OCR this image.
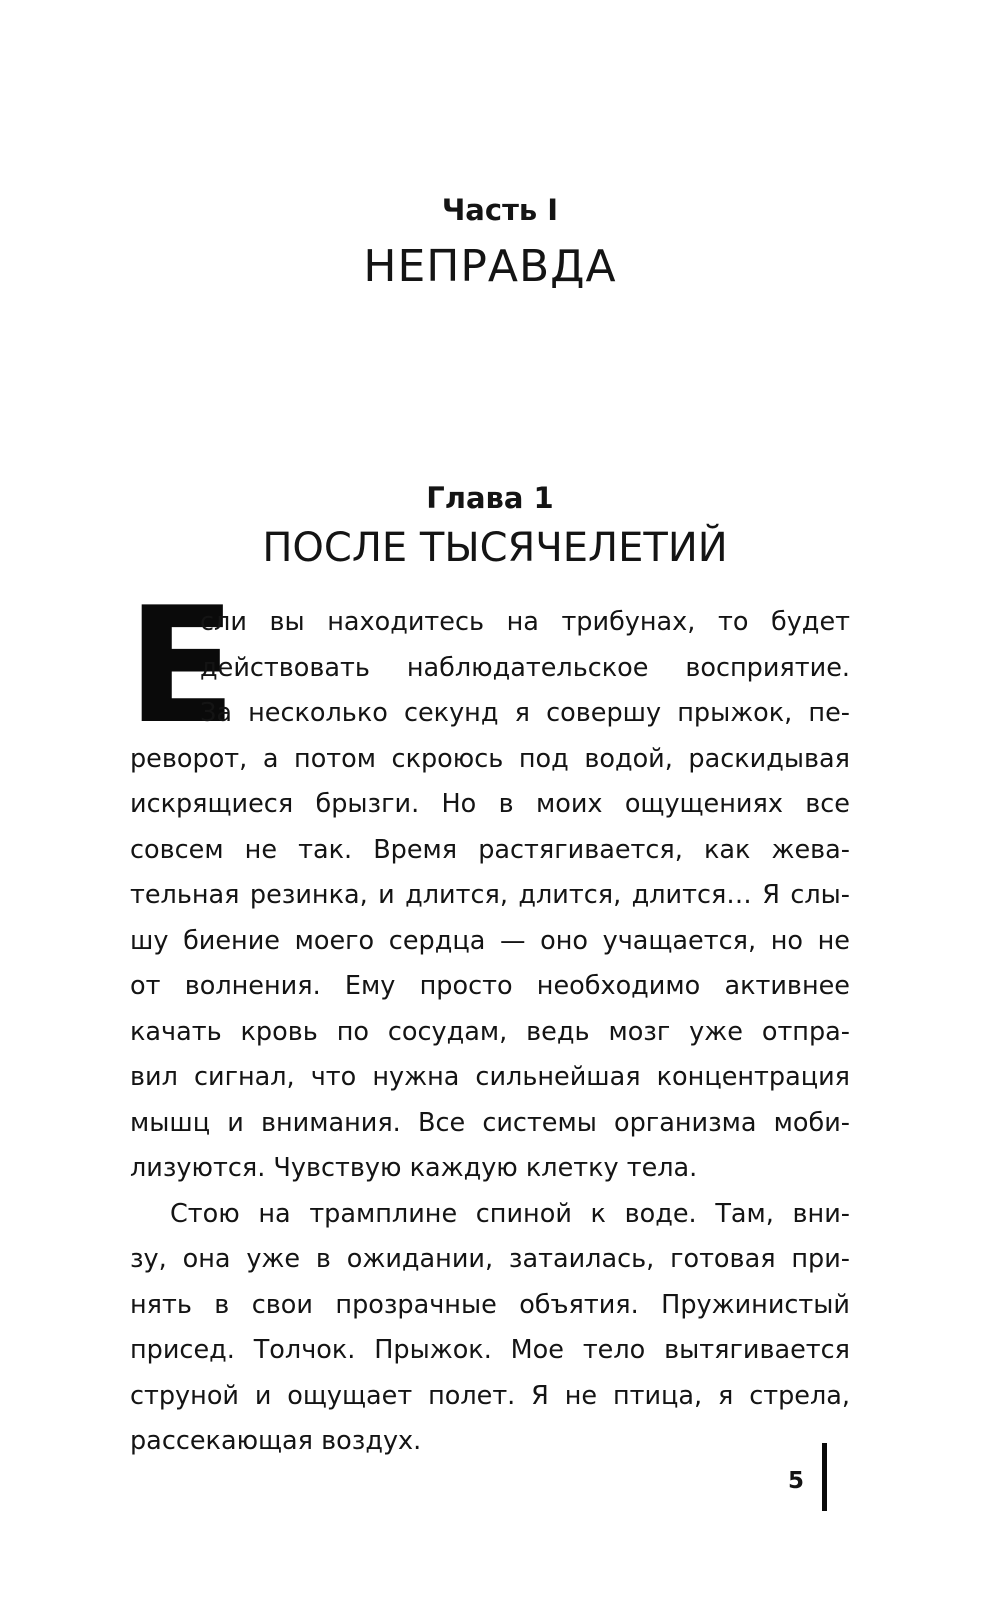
Часть I
НЕПРАВДА
Глава 1
ПОСЛЕ ТЫСЯЧЕЛЕТИЙ
Е
сли вы находитесь на трибунах, то будет
действовать наблюдательское восприятие.
За несколько секунд я совершу прыжок, пе-
реворот, а потом скроюсь под водой, раскидывая
искрящиеся брызги. Но в моих ощущениях все
совсем не так. Время растягивается, как жева-
тельная резинка, и длится, длится, длится… Я слы-
шу биение моего сердца — оно учащается, но не
от волнения. Ему просто необходимо активнее
качать кровь по сосудам, ведь мозг уже отпра-
вил сигнал, что нужна сильнейшая концентрация
мышц и внимания. Все системы организма моби-
лизуются. Чувствую каждую клетку тела.
Стою на трамплине спиной к воде. Там, вни-
зу, она уже в ожидании, затаилась, готовая при-
нять в свои прозрачные объятия. Пружинистый
присед. Толчок. Прыжок. Мое тело вытягивается
струной и ощущает полет. Я не птица, я стрела,
рассекающая воздух.
5
